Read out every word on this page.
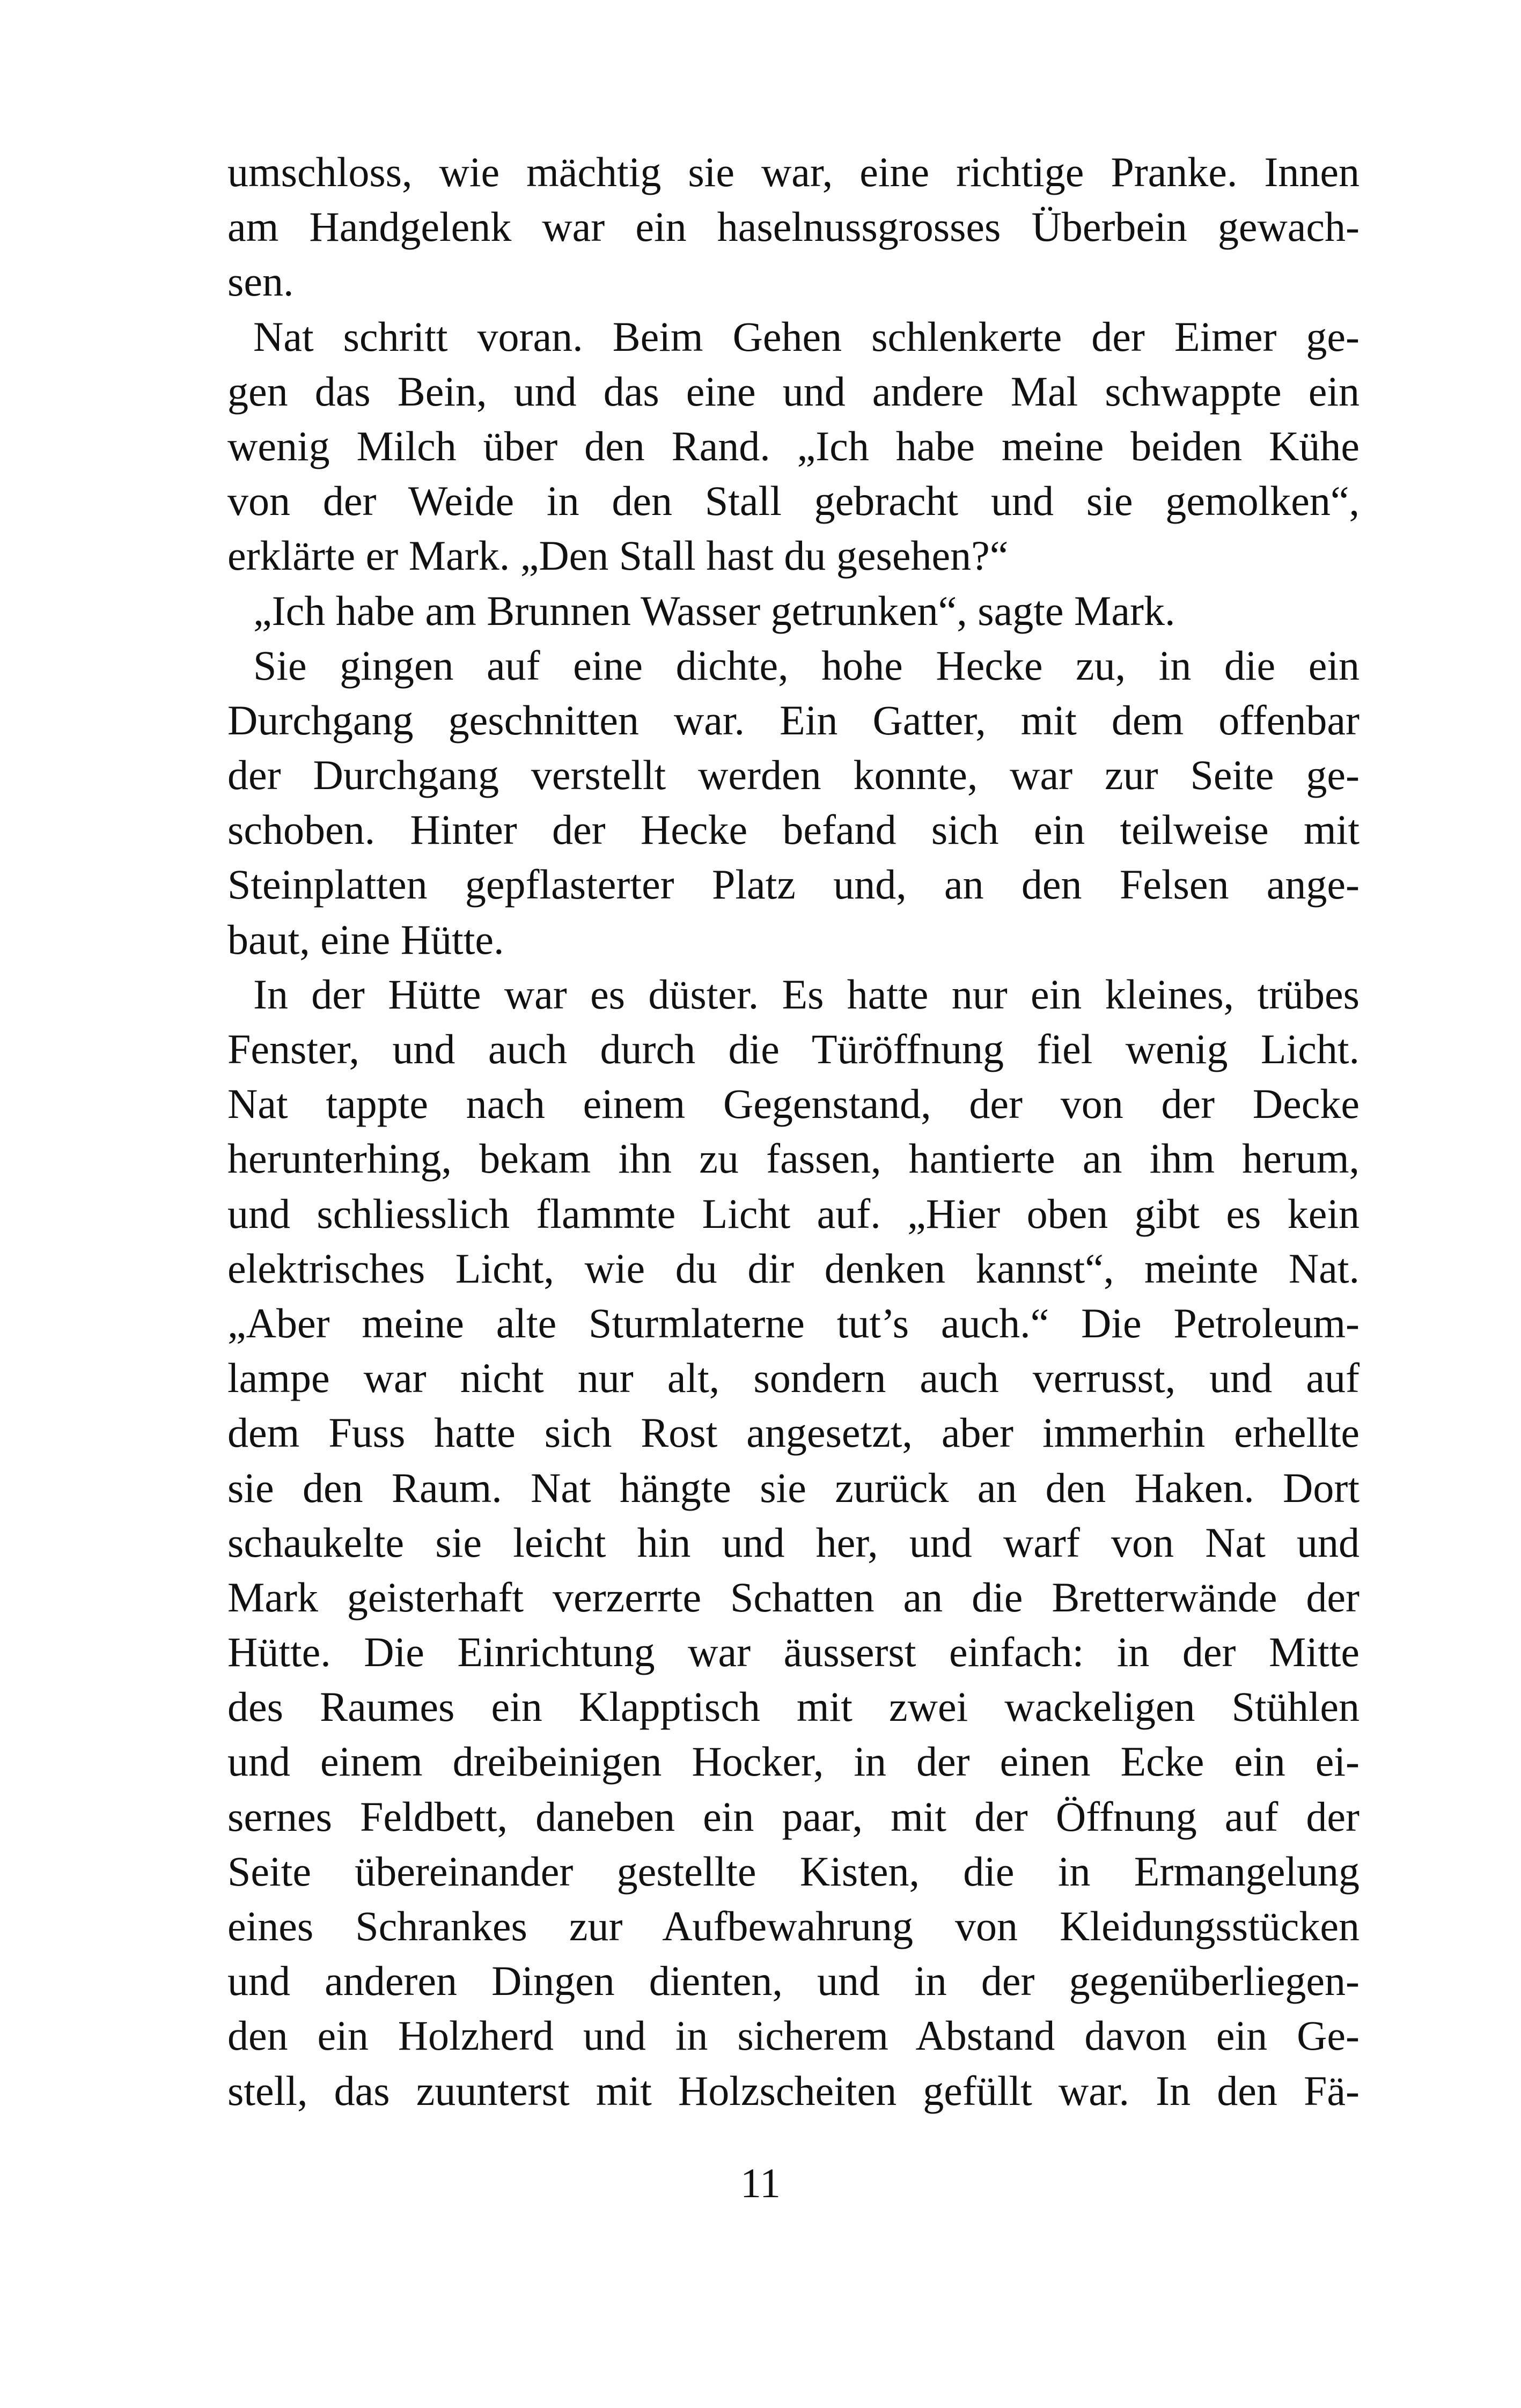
umschloss, wie mächtig sie war, eine richtige Pranke. Innen
am Handgelenk war ein haselnussgrosses Überbein gewach-
sen.
Nat schritt voran. Beim Gehen schlenkerte der Eimer ge-
gen das Bein, und das eine und andere Mal schwappte ein
wenig Milch über den Rand. „Ich habe meine beiden Kühe
von der Weide in den Stall gebracht und sie gemolken“,
erklärte er Mark. „Den Stall hast du gesehen?“
„Ich habe am Brunnen Wasser getrunken“, sagte Mark.
Sie gingen auf eine dichte, hohe Hecke zu, in die ein
Durchgang geschnitten war. Ein Gatter, mit dem offenbar
der Durchgang verstellt werden konnte, war zur Seite ge-
schoben. Hinter der Hecke befand sich ein teilweise mit
Steinplatten gepflasterter Platz und, an den Felsen ange-
baut, eine Hütte.
In der Hütte war es düster. Es hatte nur ein kleines, trübes
Fenster, und auch durch die Türöffnung fiel wenig Licht.
Nat tappte nach einem Gegenstand, der von der Decke
herunterhing, bekam ihn zu fassen, hantierte an ihm herum,
und schliesslich flammte Licht auf. „Hier oben gibt es kein
elektrisches Licht, wie du dir denken kannst“, meinte Nat.
„Aber meine alte Sturmlaterne tut’s auch.“ Die Petroleum-
lampe war nicht nur alt, sondern auch verrusst, und auf
dem Fuss hatte sich Rost angesetzt, aber immerhin erhellte
sie den Raum. Nat hängte sie zurück an den Haken. Dort
schaukelte sie leicht hin und her, und warf von Nat und
Mark geisterhaft verzerrte Schatten an die Bretterwände der
Hütte. Die Einrichtung war äusserst einfach: in der Mitte
des Raumes ein Klapptisch mit zwei wackeligen Stühlen
und einem dreibeinigen Hocker, in der einen Ecke ein ei-
sernes Feldbett, daneben ein paar, mit der Öffnung auf der
Seite übereinander gestellte Kisten, die in Ermangelung
eines Schrankes zur Aufbewahrung von Kleidungsstücken
und anderen Dingen dienten, und in der gegenüberliegen-
den ein Holzherd und in sicherem Abstand davon ein Ge-
stell, das zuunterst mit Holzscheiten gefüllt war. In den Fä-
11
